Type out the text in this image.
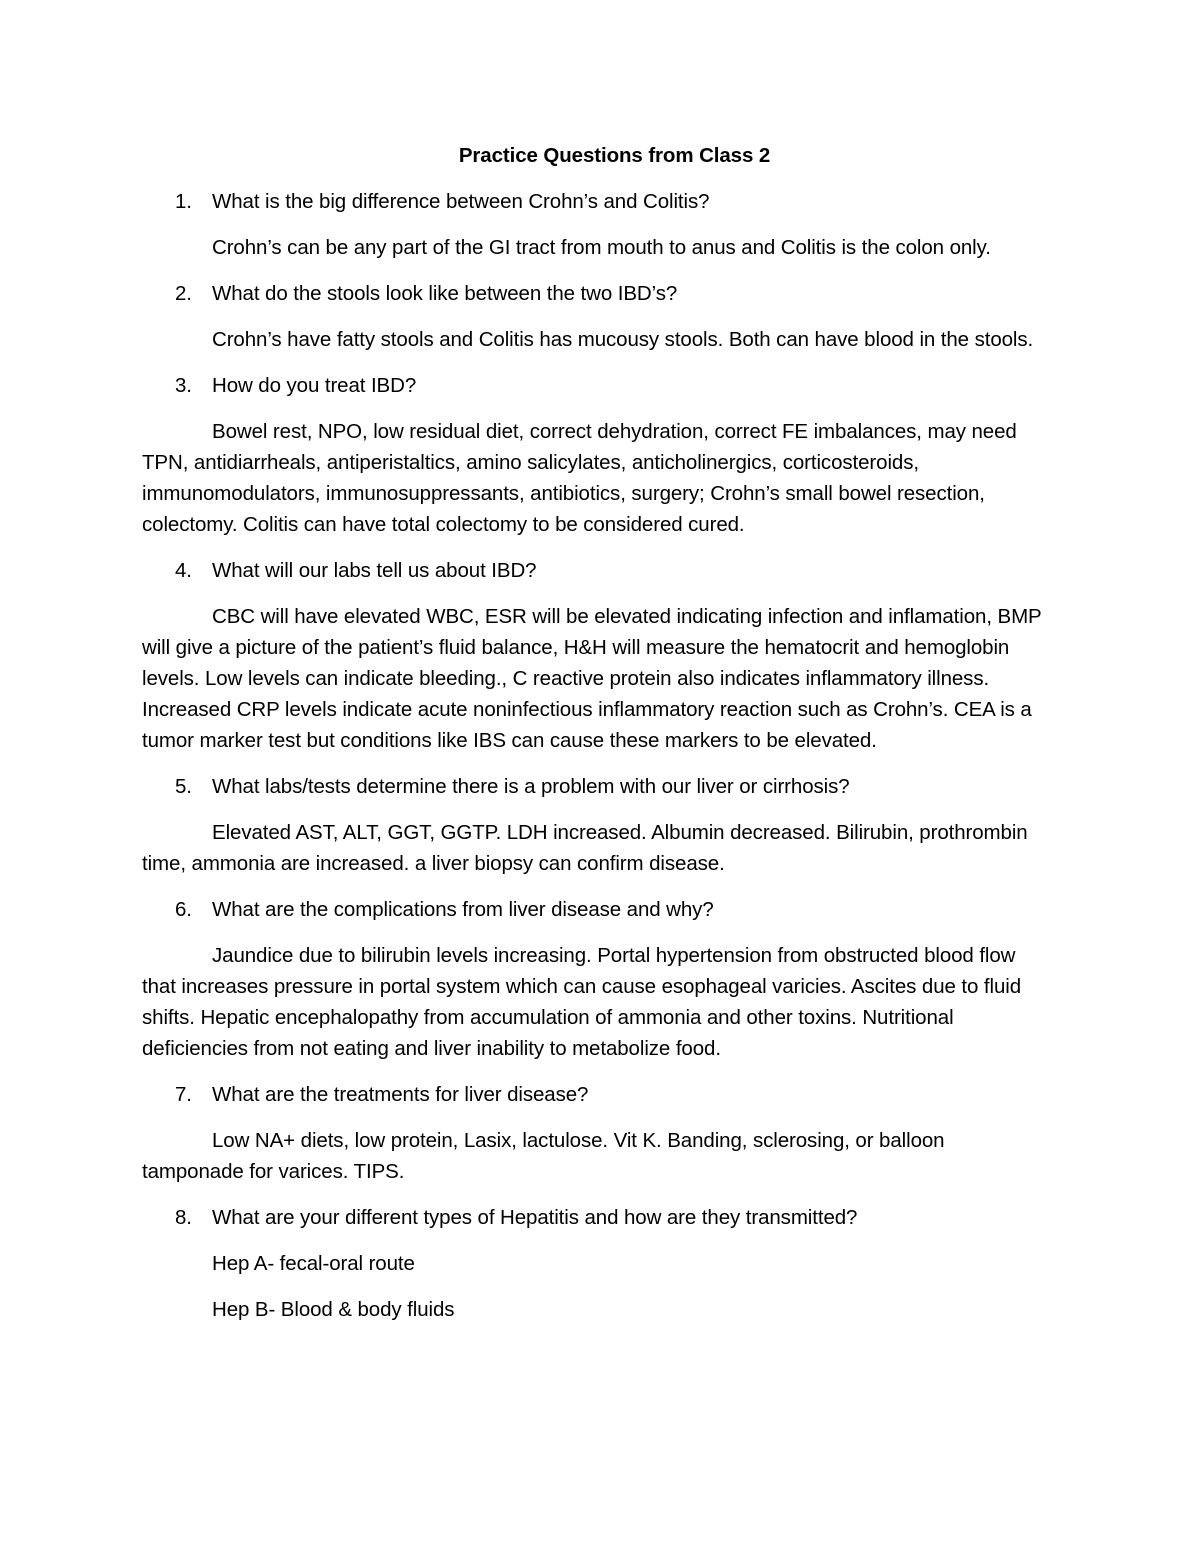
Practice Questions from Class 2
1. What is the big difference between Crohn’s and Colitis?
Crohn’s can be any part of the GI tract from mouth to anus and Colitis is the colon only.
2. What do the stools look like between the two IBD’s?
Crohn’s have fatty stools and Colitis has mucousy stools. Both can have blood in the stools.
3. How do you treat IBD?
Bowel rest, NPO, low residual diet, correct dehydration, correct FE imbalances, may need TPN, antidiarrheals, antiperistaltics, amino salicylates, anticholinergics, corticosteroids, immunomodulators, immunosuppressants, antibiotics, surgery; Crohn’s small bowel resection, colectomy. Colitis can have total colectomy to be considered cured.
4. What will our labs tell us about IBD?
CBC will have elevated WBC, ESR will be elevated indicating infection and inflamation, BMP will give a picture of the patient’s fluid balance, H&H will measure the hematocrit and hemoglobin levels. Low levels can indicate bleeding., C reactive protein also indicates inflammatory illness. Increased CRP levels indicate acute noninfectious inflammatory reaction such as Crohn’s. CEA is a tumor marker test but conditions like IBS can cause these markers to be elevated.
5. What labs/tests determine there is a problem with our liver or cirrhosis?
Elevated AST, ALT, GGT, GGTP. LDH increased. Albumin decreased. Bilirubin, prothrombin time, ammonia are increased. a liver biopsy can confirm disease.
6. What are the complications from liver disease and why?
Jaundice due to bilirubin levels increasing. Portal hypertension from obstructed blood flow that increases pressure in portal system which can cause esophageal varicies. Ascites due to fluid shifts. Hepatic encephalopathy from accumulation of ammonia and other toxins. Nutritional deficiencies from not eating and liver inability to metabolize food.
7. What are the treatments for liver disease?
Low NA+ diets, low protein, Lasix, lactulose. Vit K. Banding, sclerosing, or balloon tamponade for varices. TIPS.
8. What are your different types of Hepatitis and how are they transmitted?
Hep A- fecal-oral route
Hep B- Blood & body fluids
